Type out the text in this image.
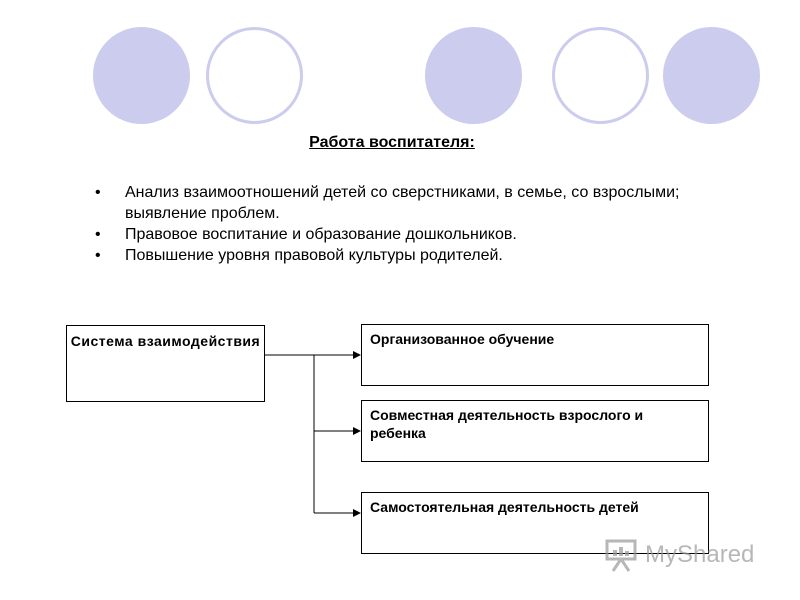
Работа воспитателя:
• Анализ взаимоотношений детей со сверстниками, в семье, со взрослыми; выявление проблем.
• Правовое воспитание и образование дошкольников.
• Повышение уровня правовой культуры родителей.
Система взаимодействия	Организованное обучение
Совместная деятельность взрослого и ребенка
Самостоятельная деятельность детей
MyShared
